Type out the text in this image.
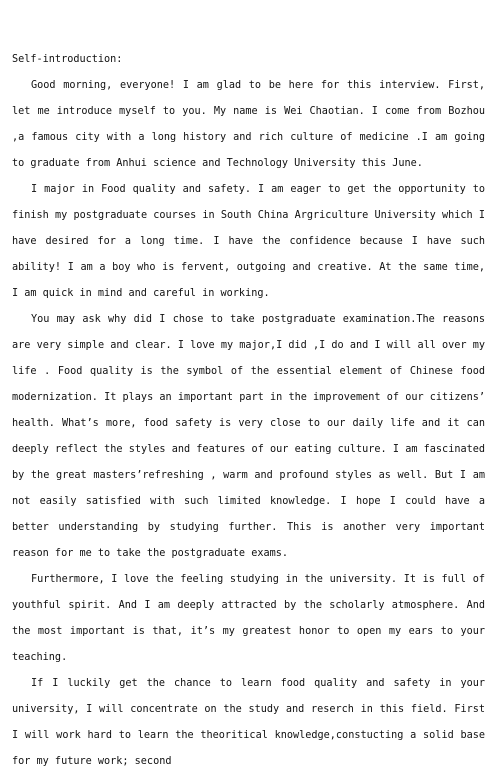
Self-introduction:

Good morning, everyone! I am glad to be here for this interview. First, let me introduce myself to you. My name is Wei Chaotian. I come from Bozhou ,a famous city with a long history and rich culture of medicine .I am going to graduate from Anhui science and Technology University this June.

I major in Food quality and safety. I am eager to get the opportunity to finish my postgraduate courses in South China Argriculture University which I have desired for a long time. I have the confidence because I have such ability! I am a boy who is fervent, outgoing and creative. At the same time, I am quick in mind and careful in working.

You may ask why did I chose to take postgraduate examination.The reasons are very simple and clear. I love my major,I did ,I do and I will all over my life . Food quality is the symbol of the essential element of Chinese food modernization. It plays an important part in the improvement of our citizens’ health. What’s more, food safety is very close to our daily life and it can deeply reflect the styles and features of our eating culture. I am fascinated by the great masters’refreshing , warm and profound styles as well. But I am not easily satisfied with such limited knowledge. I hope I could have a better understanding by studying further. This is another very important reason for me to take the postgraduate exams.

Furthermore, I love the feeling studying in the university. It is full of youthful spirit. And I am deeply attracted by the scholarly atmosphere. And the most important is that, it’s my greatest honor to open my ears to your teaching.

If I luckily get the chance to learn food quality and safety in your university, I will concentrate on the study and reserch in this field. First I will work hard to learn the theoritical knowledge,constucting a solid base for my future work; second
